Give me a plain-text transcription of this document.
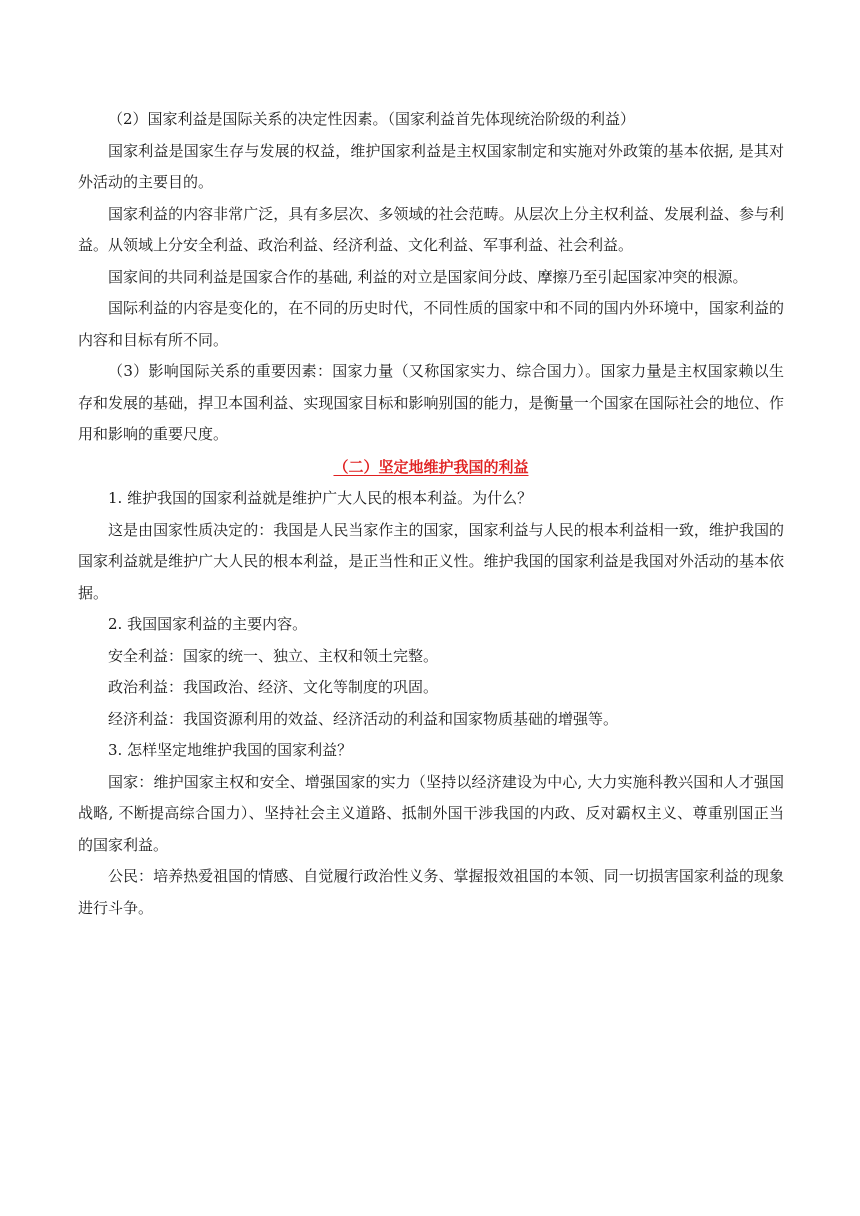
（2）国家利益是国际关系的决定性因素。（国家利益首先体现统治阶级的利益）

国家利益是国家生存与发展的权益，维护国家利益是主权国家制定和实施对外政策的基本依据, 是其对外活动的主要目的。

国家利益的内容非常广泛，具有多层次、多领域的社会范畴。从层次上分主权利益、发展利益、参与利益。从领域上分安全利益、政治利益、经济利益、文化利益、军事利益、社会利益。

国家间的共同利益是国家合作的基础, 利益的对立是国家间分歧、摩擦乃至引起国家冲突的根源。

国际利益的内容是变化的，在不同的历史时代，不同性质的国家中和不同的国内外环境中，国家利益的内容和目标有所不同。

（3）影响国际关系的重要因素：国家力量（又称国家实力、综合国力）。国家力量是主权国家赖以生存和发展的基础，捍卫本国利益、实现国家目标和影响别国的能力，是衡量一个国家在国际社会的地位、作用和影响的重要尺度。

（二）坚定地维护我国的利益

1. 维护我国的国家利益就是维护广大人民的根本利益。为什么？

这是由国家性质决定的：我国是人民当家作主的国家，国家利益与人民的根本利益相一致，维护我国的国家利益就是维护广大人民的根本利益，是正当性和正义性。维护我国的国家利益是我国对外活动的基本依据。

2. 我国国家利益的主要内容。

安全利益：国家的统一、独立、主权和领土完整。

政治利益：我国政治、经济、文化等制度的巩固。

经济利益：我国资源利用的效益、经济活动的利益和国家物质基础的增强等。

3. 怎样坚定地维护我国的国家利益？

国家：维护国家主权和安全、增强国家的实力（坚持以经济建设为中心, 大力实施科教兴国和人才强国战略, 不断提高综合国力）、坚持社会主义道路、抵制外国干涉我国的内政、反对霸权主义、尊重别国正当的国家利益。

公民：培养热爱祖国的情感、自觉履行政治性义务、掌握报效祖国的本领、同一切损害国家利益的现象进行斗争。
